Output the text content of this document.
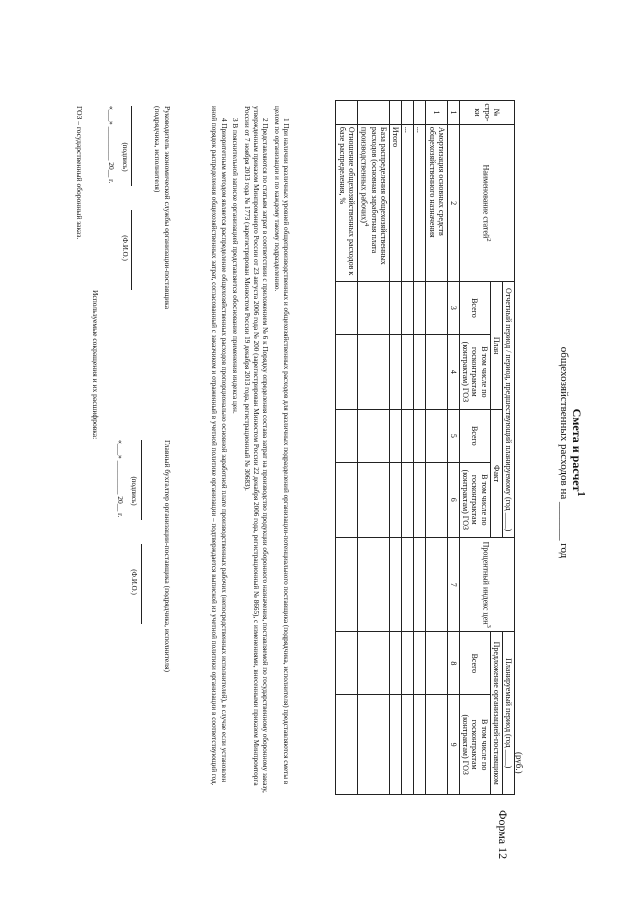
Форма 12
Смета и расчет$^1$
общехозяйственных расходов на _______ год
(руб.)
№ стро-ки	Наименование статей$^2$	Отчетный период / период, предшествующий планируемому (год ____)				Процентный индекс цен$^3$	Планируемый период (год ____)	
		План		Факт			Предложение организацией-поставщиком	
		Всего	В том числе по госконтрактам (контрактам) ГОЗ	Всего	В том числе по госконтрактам (контрактам) ГОЗ		Всего	В том числе по госконтрактам (контрактам) ГОЗ
1	2	3	4	5	6	7	8	9
1	Амортизация основных средств общехозяйственного назначения							
	...							
	...							
	Итого							
	База распределения общехозяйственных расходов (основная заработная плата производственных рабочих)$^4$							
	Отношение общехозяйственных расходов к базе распределения, %							

1 При наличии различных уровней общепроизводственных и общехозяйственных расходов для различных подразделений организации-потенциального поставщика (подрядчика, исполнителя) представляются сметы в целом по организации и по каждому такому подразделению.

2 Представляются по статьям затрат в соответствии с приложением № 6 к Порядку определения состава затрат на производство продукции оборонного назначения, поставляемой по государственному оборонному заказу, утвержденным приказом Минпромэнерго России от 23 августа 2006 года № 200 (зарегистрирован Минюстом России 22 декабря 2006 года, регистрационный № 8665), с изменениями, внесенными приказом Минпромторга России от 7 ноября 2013 года № 1773 (зарегистрирован Минюстом России 19 декабря 2013 года, регистрационный № 30683).

3 В пояснительной записке организацией представляется обоснование применения индекса цен.

4 Приоритетным методом является распределение общехозяйственных расходов пропорционально основной заработной плате производственных рабочих (непосредственных исполнителей), в случае если установлен иной порядок распределения общехозяйственных затрат, согласованный с заказчиком и отраженный в учетной политике организации – подтверждается выпиской из учетной политики организации в соответствующий год.

Руководитель экономической службы организации-поставщика
(подрядчика, исполнителя)

(подпись)(Ф.И.О.)
«___» _________ 20__ г.
Главный бухгалтер организации-поставщика (подрядчика, исполнителя)

(подпись)(Ф.И.О.)
«___» _________ 20__ г.
Используемые сокращения и их расшифровка:
ГОЗ – государственный оборонный заказ.
